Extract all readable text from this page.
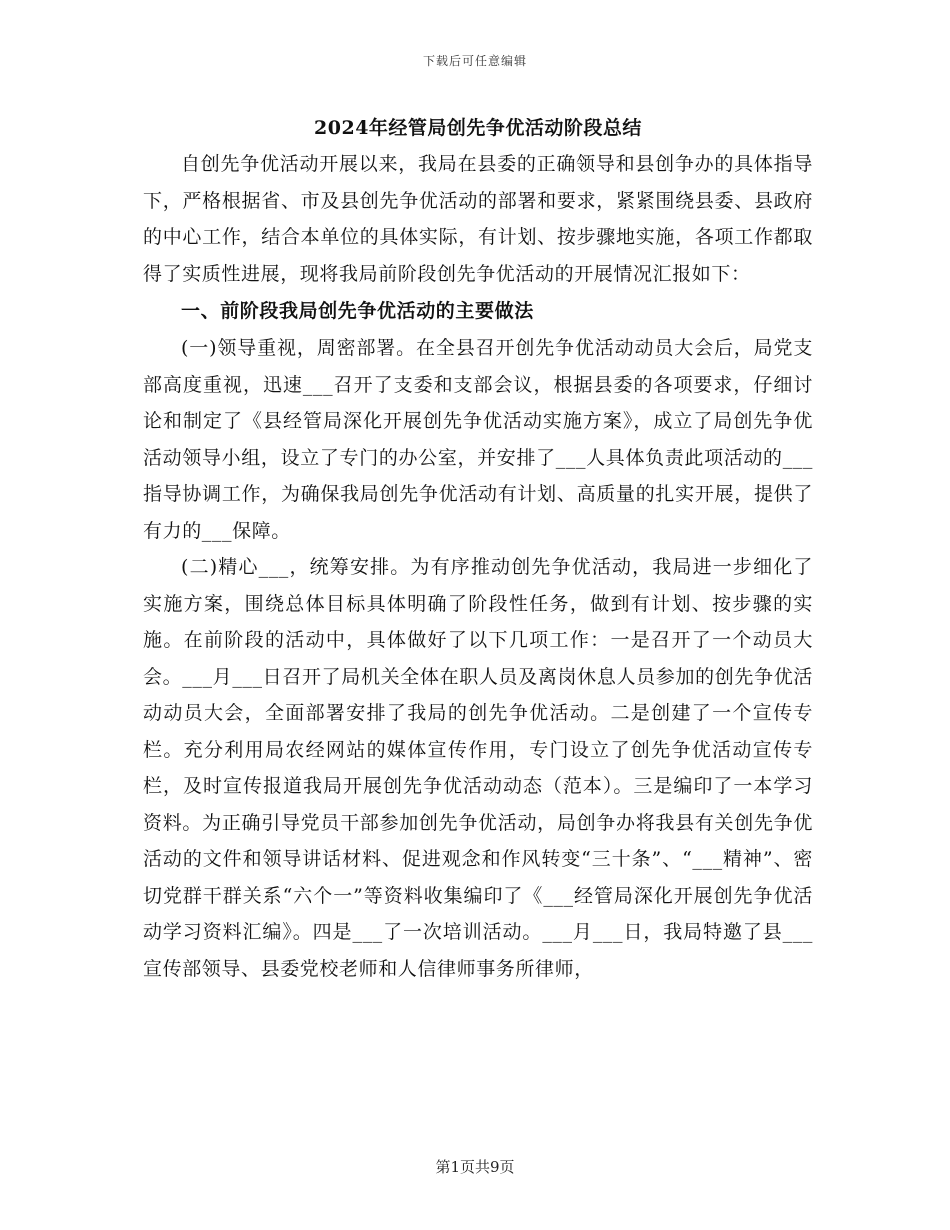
下载后可任意编辑
2024年经管局创先争优活动阶段总结

自创先争优活动开展以来，我局在县委的正确领导和县创争办的具体指导下，严格根据省、市及县创先争优活动的部署和要求，紧紧围绕县委、县政府的中心工作，结合本单位的具体实际，有计划、按步骤地实施，各项工作都取得了实质性进展，现将我局前阶段创先争优活动的开展情况汇报如下：

一、前阶段我局创先争优活动的主要做法

(一)领导重视，周密部署。在全县召开创先争优活动动员大会后，局党支部高度重视，迅速___召开了支委和支部会议，根据县委的各项要求，仔细讨论和制定了《县经管局深化开展创先争优活动实施方案》，成立了局创先争优活动领导小组，设立了专门的办公室，并安排了___人具体负责此项活动的___指导协调工作，为确保我局创先争优活动有计划、高质量的扎实开展，提供了有力的___保障。

(二)精心___，统筹安排。为有序推动创先争优活动，我局进一步细化了实施方案，围绕总体目标具体明确了阶段性任务，做到有计划、按步骤的实施。在前阶段的活动中，具体做好了以下几项工作：一是召开了一个动员大会。___月___日召开了局机关全体在职人员及离岗休息人员参加的创先争优活动动员大会，全面部署安排了我局的创先争优活动。二是创建了一个宣传专栏。充分利用局农经网站的媒体宣传作用，专门设立了创先争优活动宣传专栏，及时宣传报道我局开展创先争优活动动态（范本）。三是编印了一本学习资料。为正确引导党员干部参加创先争优活动，局创争办将我县有关创先争优活动的文件和领导讲话材料、促进观念和作风转变“三十条”、“___精神”、密切党群干群关系“六个一”等资料收集编印了《___经管局深化开展创先争优活动学习资料汇编》。四是___了一次培训活动。___月___日，我局特邀了县___宣传部领导、县委党校老师和人信律师事务所律师，

第1页共9页
